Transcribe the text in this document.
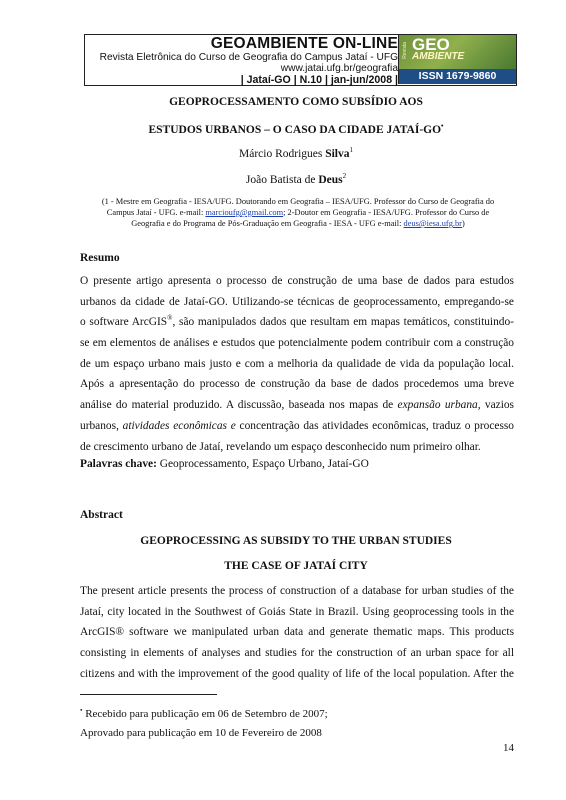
GEOAMBIENTE ON-LINE
Revista Eletrônica do Curso de Geografia do Campus Jataí - UFG
www.jatai.ufg.br/geografia
| Jataí-GO | N.10 | jan-jun/2008 |
Revista GEO
AMBIENTE
ISSN 1679-9860
GEOPROCESSAMENTO COMO SUBSÍDIO AOS
ESTUDOS URBANOS – O CASO DA CIDADE JATAÍ-GO•
Márcio Rodrigues Silva$^1$
João Batista de Deus$^2$
(1 - Mestre em Geografia - IESA/UFG. Doutorando em Geografia – IESA/UFG. Professor do Curso de Geografia do Campus Jataí - UFG. e-mail: marcioufg@gmail.com; 2-Doutor em Geografia - IESA/UFG. Professor do Curso de Geografia e do Programa de Pós-Graduação em Geografia - IESA - UFG e-mail: deus@iesa.ufg.br)
Resumo
O presente artigo apresenta o processo de construção de uma base de dados para estudos
urbanos da cidade de Jataí-GO. Utilizando-se técnicas de geoprocessamento, empregando-se
o software ArcGIS®, são manipulados dados que resultam em mapas temáticos, constituindo-
se em elementos de análises e estudos que potencialmente podem contribuir com a construção
de um espaço urbano mais justo e com a melhoria da qualidade de vida da população local.
Após a apresentação do processo de construção da base de dados procedemos uma breve
análise do material produzido. A discussão, baseada nos mapas de expansão urbana, vazios
urbanos, atividades econômicas e concentração das atividades econômicas, traduz o processo
de crescimento urbano de Jataí, revelando um espaço desconhecido num primeiro olhar.
Palavras chave: Geoprocessamento, Espaço Urbano, Jataí-GO
Abstract
GEOPROCESSING AS SUBSIDY TO THE URBAN STUDIES
THE CASE OF JATAÍ CITY
The present article presents the process of construction of a database for urban studies of the
Jataí, city located in the Southwest of Goiás State in Brazil. Using geoprocessing tools in the
ArcGIS® software we manipulated urban data and generate thematic maps. This products
consisting in elements of analyses and studies for the construction of an urban space for all
citizens and with the improvement of the good quality of life of the local population. After the
• Recebido para publicação em 06 de Setembro de 2007;
Aprovado para publicação em 10 de Fevereiro de 2008
14
